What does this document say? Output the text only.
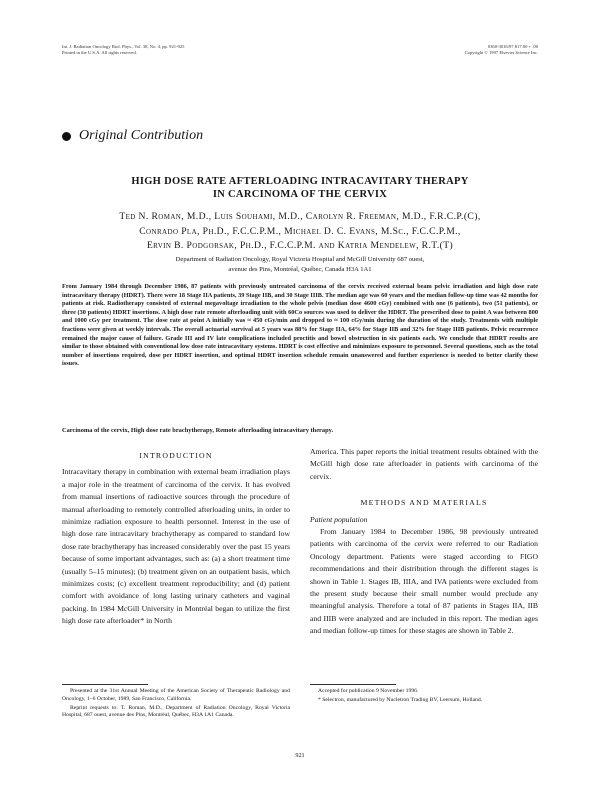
Int. J. Radiation Oncology Biol. Phys., Vol. 38, No. 4, pp. 921-925
Printed in the U.S.A. All rights reserved.
0360-3016/97 $17.00 + .00
Copyright © 1997 Elsevier Science Inc.
Original Contribution
HIGH DOSE RATE AFTERLOADING INTRACAVITARY THERAPY
IN CARCINOMA OF THE CERVIX
Ted N. Roman, M.D., Luis Souhami, M.D., Carolyn R. Freeman, M.D., F.R.C.P.(C),
Conrado Pla, Ph.D., F.C.C.P.M., Michael D. C. Evans, M.Sc., F.C.C.P.M.,
Ervin B. Podgorsak, Ph.D., F.C.C.P.M. and Katria Mendelew, R.T.(T)
Department of Radiation Oncology, Royal Victoria Hospital and McGill University 687 ouest,
avenue des Pins, Montréal, Québec, Canada H3A 1A1
From January 1984 through December 1986, 87 patients with previously untreated carcinoma of the cervix received external beam pelvic irradiation and high dose rate intracavitary therapy (HDRT). There were 18 Stage IIA patients, 39 Stage IIB, and 30 Stage IIIB. The median age was 60 years and the median follow-up time was 42 months for patients at risk. Radiotherapy consisted of external megavoltage irradiation to the whole pelvis (median dose 4600 cGy) combined with one (6 patients), two (51 patients), or three (30 patients) HDRT insertions. A high dose rate remote afterloading unit with 60Co sources was used to deliver the HDRT. The prescribed dose to point A was between 800 and 1000 cGy per treatment. The dose rate at point A initially was ≈ 450 cGy/min and dropped to ≈ 100 cGy/min during the duration of the study. Treatments with multiple fractions were given at weekly intervals. The overall actuarial survival at 5 years was 88% for Stage IIA, 64% for Stage IIB and 32% for Stage IIIB patients. Pelvic recurrence remained the major cause of failure. Grade III and IV late complications included proctitis and bowel obstruction in six patients each. We conclude that HDRT results are similar to those obtained with conventional low dose rate intracavitary systems. HDRT is cost effective and minimizes exposure to personnel. Several questions, such as the total number of insertions required, dose per HDRT insertion, and optimal HDRT insertion schedule remain unanswered and further experience is needed to better clarify these issues.
Carcinoma of the cervix, High dose rate brachytherapy, Remote afterloading intracavitary therapy.
INTRODUCTION

Intracavitary therapy in combination with external beam irradiation plays a major role in the treatment of carcinoma of the cervix. It has evolved from manual insertions of radioactive sources through the procedure of manual afterloading to remotely controlled afterloading units, in order to minimize radiation exposure to health personnel. Interest in the use of high dose rate intracavitary brachytherapy as compared to standard low dose rate brachytherapy has increased considerably over the past 15 years because of some important advantages, such as: (a) a short treatment time (usually 5–15 minutes); (b) treatment given on an outpatient basis, which minimizes costs; (c) excellent treatment reproducibility; and (d) patient comfort with avoidance of long lasting urinary catheters and vaginal packing. In 1984 McGill University in Montréal began to utilize the first high dose rate afterloader* in North

America. This paper reports the initial treatment results obtained with the McGill high dose rate afterloader in patients with carcinoma of the cervix.

METHODS AND MATERIALS
Patient population

From January 1984 to December 1986, 98 previously untreated patients with carcinoma of the cervix were referred to our Radiation Oncology department. Patients were staged according to FIGO recommendations and their distribution through the different stages is shown in Table 1. Stages IB, IIIA, and IVA patients were excluded from the present study because their small number would preclude any meaningful analysis. Therefore a total of 87 patients in Stages IIA, IIB and IIIB were analyzed and are included in this report. The median ages and median follow-up times for these stages are shown in Table 2.

Presented at the 31st Annual Meeting of the American Society of Therapeutic Radiology and Oncology, 1–6 October, 1989, San Francisco, California.

Reprint requests to: T. Roman, M.D., Department of Radiation Oncology, Royal Victoria Hospital, 687 ouest, avenue des Pins, Montréal, Québec, H3A 1A1 Canada.

Accepted for publication 9 November 1996.

* Selectron, manufactured by Nucletron Trading BV, Leersum, Holland.

921
